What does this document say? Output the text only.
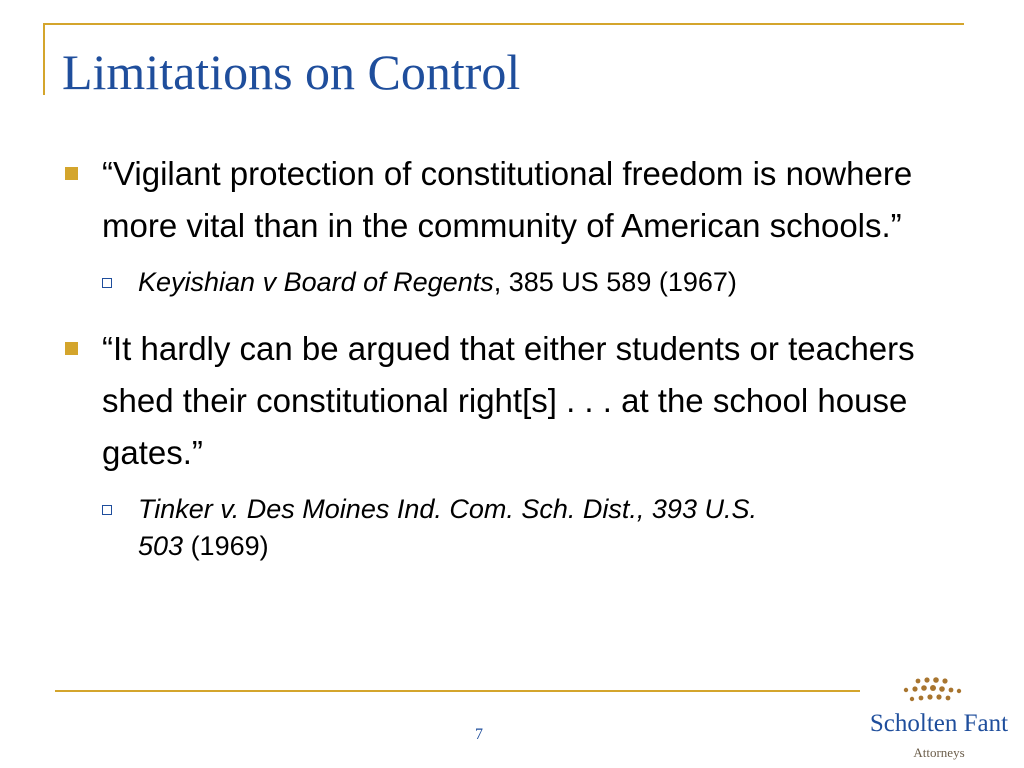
Limitations on Control
“Vigilant protection of constitutional freedom is nowhere more vital than in the community of American schools.”
Keyishian v Board of Regents, 385 US 589 (1967)
“It hardly can be argued that either students or teachers shed their constitutional right[s] . . . at the school house gates.”
Tinker v. Des Moines Ind. Com. Sch. Dist., 393 U.S. 503 (1969)
7	Scholten Fant
Attorneys
